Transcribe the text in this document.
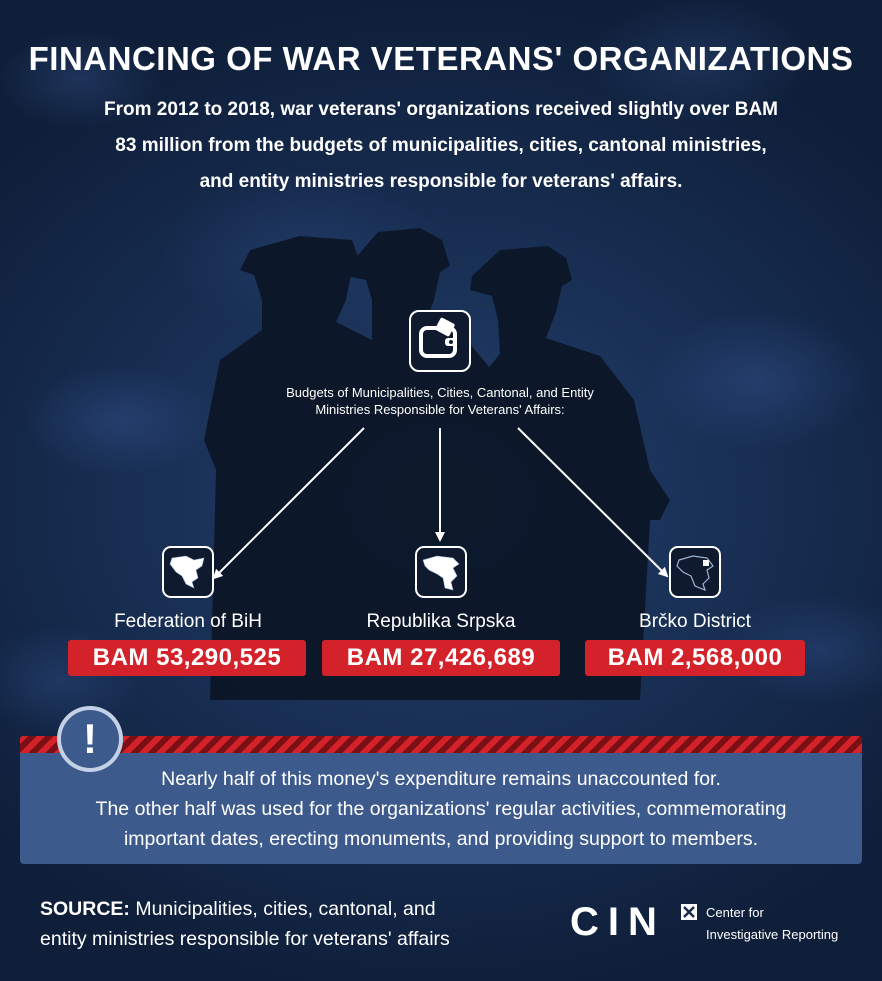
FINANCING OF WAR VETERANS' ORGANIZATIONS
From 2012 to 2018, war veterans' organizations received slightly over BAM
83 million from the budgets of municipalities, cities, cantonal ministries,
and entity ministries responsible for veterans' affairs.
Budgets of Municipalities, Cities, Cantonal, and Entity
Ministries Responsible for Veterans' Affairs:
Federation of BiH	Republika Srpska	Brčko District
BAM 53,290,525	BAM 27,426,689	BAM 2,568,000
!
Nearly half of this money's expenditure remains unaccounted for.
The other half was used for the organizations' regular activities, commemorating
important dates, erecting monuments, and providing support to members.
SOURCE: Municipalities, cities, cantonal, and
entity ministries responsible for veterans' affairs	CIN	Center for
Investigative Reporting
